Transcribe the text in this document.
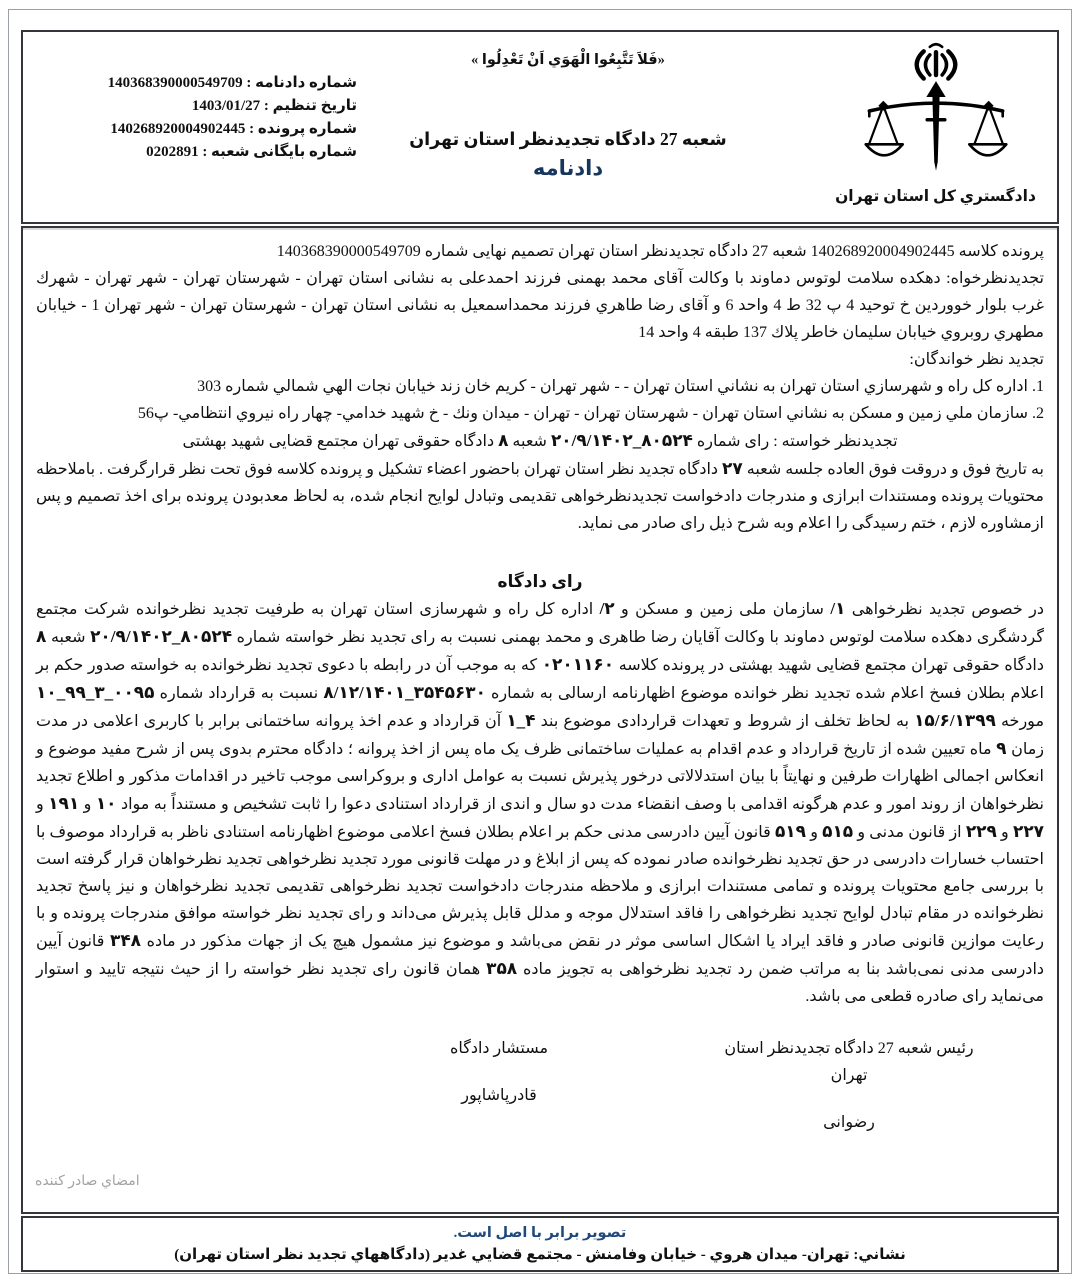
شماره دادنامه : 140368390000549709
تاریخ تنظیم : 1403/01/27
شماره پرونده : 140268920004902445
شماره بایگانی شعبه : 0202891
«فَلاَ تَتَّبِعُوا الْهَوَي اَنْ تَعْدِلُوا »
شعبه 27 دادگاه تجدیدنظر استان تهران
دادنامه
دادگستري کل استان تهران

پرونده کلاسه 140268920004902445 شعبه 27 دادگاه تجدیدنظر استان تهران تصمیم نهایی شماره 140368390000549709

تجدیدنظرخواه: دهکده سلامت لوتوس دماوند با وکالت آقای محمد بهمنی فرزند احمدعلی به نشانی استان تهران - شهرستان تهران - شهر تهران - شهرك غرب بلوار خووردین خ توحید 4 پ 32 ط 4 واحد 6 و آقای رضا طاهري فرزند محمداسمعیل به نشانی استان تهران - شهرستان تهران - شهر تهران 1 - خیابان مطهري روبروي خیابان سلیمان خاطر پلاك 137 طبقه 4 واحد 14

تجدید نظر خواندگان:

1. اداره کل راه و شهرسازي استان تهران به نشاني استان تهران - - شهر تهران - کریم خان زند خیابان نجات الهي شمالي شماره 303

2. سازمان ملي زمین و مسکن به نشاني استان تهران - شهرستان تهران - تهران - میدان ونك - خ شهید خدامي- چهار راه نیروي انتظامي- پ56

تجدیدنظر خواسته : رای شماره ۸۰۵۲۴_۲۰/۹/۱۴۰۲ شعبه ۸ دادگاه حقوقی تهران مجتمع قضایی شهید بهشتی

به تاریخ فوق و دروقت فوق العاده جلسه شعبه ۲۷ دادگاه تجدید نظر استان تهران باحضور اعضاء تشکیل و پرونده کلاسه فوق تحت نظر قرارگرفت . باملاحظه محتویات پرونده ومستندات ابرازی و مندرجات دادخواست تجدیدنظرخواهی تقدیمی وتبادل لوایح انجام شده، به لحاظ معدبودن پرونده برای اخذ تصمیم و پس ازمشاوره لازم ، ختم رسیدگی را اعلام وبه شرح ذیل رای صادر می نماید.

رای دادگاه

در خصوص تجدید نظرخواهی ۱/ سازمان ملی زمین و مسکن و ۲/ اداره کل راه و شهرسازی استان تهران به طرفیت تجدید نظرخوانده شرکت مجتمع گردشگری دهکده سلامت لوتوس دماوند با وکالت آقایان رضا طاهری و محمد بهمنی نسبت به رای تجدید نظر خواسته شماره ۸۰۵۲۴_۲۰/۹/۱۴۰۲ شعبه ۸ دادگاه حقوقی تهران مجتمع قضایی شهید بهشتی در پرونده کلاسه ۰۲۰۱۱۶۰ که به موجب آن در رابطه با دعوی تجدید نظرخوانده به خواسته صدور حکم بر اعلام بطلان فسخ اعلام شده تجدید نظر خوانده موضوع اظهارنامه ارسالی به شماره ۳۵۴۵۶۳۰_۸/۱۲/۱۴۰۱ نسبت به قرارداد شماره ۰۰۹۵_۳_۹۹_۱۰ مورخه ۱۵/۶/۱۳۹۹ به لحاظ تخلف از شروط و تعهدات قراردادی موضوع بند ۴_۱ آن قرارداد و عدم اخذ پروانه ساختمانی برابر با کاربری اعلامی در مدت زمان ۹ ماه تعیین شده از تاریخ قرارداد و عدم اقدام به عملیات ساختمانی ظرف یک ماه پس از اخذ پروانه ؛ دادگاه محترم بدوی پس از شرح مفید موضوع و انعکاس اجمالی اظهارات طرفین و نهایتاً با بیان استدلالاتی درخور پذیرش نسبت به عوامل اداری و بروکراسی موجب تاخیر در اقدامات مذکور و اطلاع تجدید نظرخواهان از روند امور و عدم هرگونه اقدامی با وصف انقضاء مدت دو سال و اندی از قرارداد استنادی دعوا را ثابت تشخیص و مستنداً به مواد ۱۰ و ۱۹۱ و ۲۲۷ و ۲۲۹ از قانون مدنی و ۵۱۵ و ۵۱۹ قانون آیین دادرسی مدنی حکم بر اعلام بطلان فسخ اعلامی موضوع اظهارنامه استنادی ناظر به قرارداد موصوف با احتساب خسارات دادرسی در حق تجدید نظرخوانده صادر نموده که پس از ابلاغ و در مهلت قانونی مورد تجدید نظرخواهی تجدید نظرخواهان قرار گرفته است با بررسی جامع محتویات پرونده و تمامی مستندات ابرازی و ملاحظه مندرجات دادخواست تجدید نظرخواهی تقدیمی تجدید نظرخواهان و نیز پاسخ تجدید نظرخوانده در مقام تبادل لوایح تجدید نظرخواهی را فاقد استدلال موجه و مدلل قابل پذیرش می‌داند و رای تجدید نظر خواسته موافق مندرجات پرونده و با رعایت موازین قانونی صادر و فاقد ایراد یا اشکال اساسی موثر در نقض می‌باشد و موضوع نیز مشمول هیچ یک از جهات مذکور در ماده ۳۴۸ قانون آیین دادرسی مدنی نمی‌باشد بنا به مراتب ضمن رد تجدید نظرخواهی به تجویز ماده ۳۵۸ همان قانون رای تجدید نظر خواسته را از حیث نتیجه تایید و استوار می‌نماید رای صادره قطعی می باشد.

رئیس شعبه 27 دادگاه تجدیدنظر استان تهران
رضوانی
مستشار دادگاه
قادرپاشاپور
امضاي صادر كننده
تصویر برابر با اصل است.
نشاني: تهران- میدان هروي - خیابان وفامنش - مجتمع قضایي غدیر (دادگاههاي تجدید نظر استان تهران)
